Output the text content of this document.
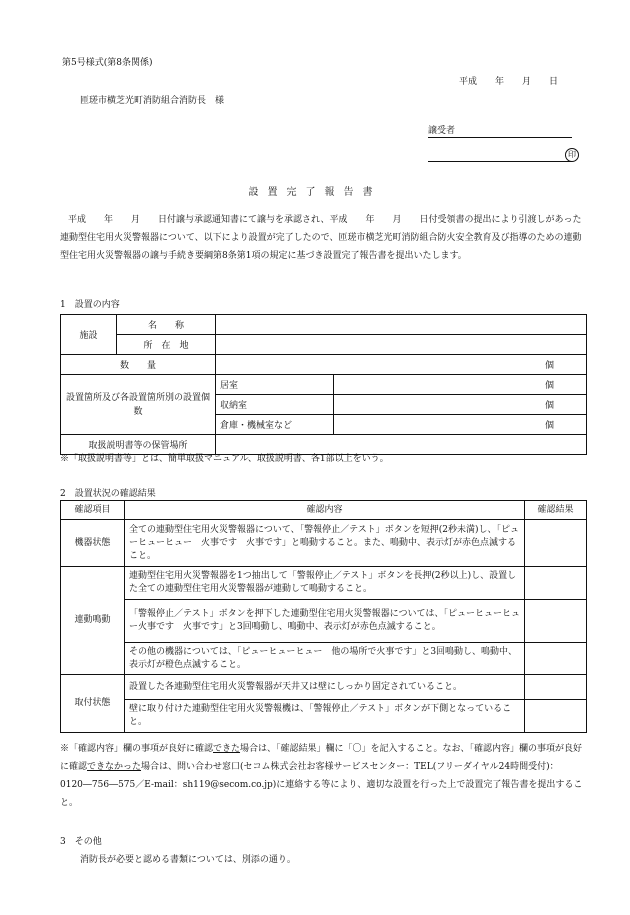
第5号様式(第8条関係)
平成　　年　　月　　日
匝瑳市横芝光町消防組合消防長　様
譲受者
印
設置完了報告書
平成　　年　　月　　日付譲与承認通知書にて譲与を承認され、平成　　年　　月　　日付受領書の提出により引渡しがあった連動型住宅用火災警報器について、以下により設置が完了したので、匝瑳市横芝光町消防組合防火安全教育及び指導のための連動型住宅用火災警報器の譲与手続き要綱第8条第1項の規定に基づき設置完了報告書を提出いたします。
1　設置の内容
施設	名　　称		
	所　在　地		
数　　量		個	
設置箇所及び各設置箇所別の設置個数		居室	個
		収納室	個
		倉庫・機械室など	個
取扱説明書等の保管場所			
※「取扱説明書等」とは、簡単取扱マニュアル、取扱説明書、各1部以上をいう。
2　設置状況の確認結果
確認項目	確認内容	確認結果
機器状態	全ての連動型住宅用火災警報器について、「警報停止／テスト」ボタンを短押(2秒未満)し、「ピューヒューヒュー　火事です　火事です」と鳴動すること。また、鳴動中、表示灯が赤色点滅すること。	
連動鳴動	連動型住宅用火災警報器を1つ抽出して「警報停止／テスト」ボタンを長押(2秒以上)し、設置した全ての連動型住宅用火災警報器が連動して鳴動すること。	
	「警報停止／テスト」ボタンを押下した連動型住宅用火災警報器については、「ピューヒューヒュー火事です　火事です」と3回鳴動し、鳴動中、表示灯が赤色点滅すること。	
	その他の機器については、「ピューヒューヒュー　他の場所で火事です」と3回鳴動し、鳴動中、表示灯が橙色点滅すること。	
取付状態	設置した各連動型住宅用火災警報器が天井又は壁にしっかり固定されていること。	
	壁に取り付けた連動型住宅用火災警報機は、「警報停止／テスト」ボタンが下側となっていること。	
※「確認内容」欄の事項が良好に確認できた場合は、「確認結果」欄に「〇」を記入すること。なお、「確認内容」欄の事項が良好に確認できなかった場合は、問い合わせ窓口(セコム株式会社お客様サービスセンター：TEL(フリーダイヤル24時間受付)：0120―756―575／E-mail：sh119@secom.co.jp)に連絡する等により、適切な設置を行った上で設置完了報告書を提出すること。
3　その他
消防長が必要と認める書類については、別添の通り。
